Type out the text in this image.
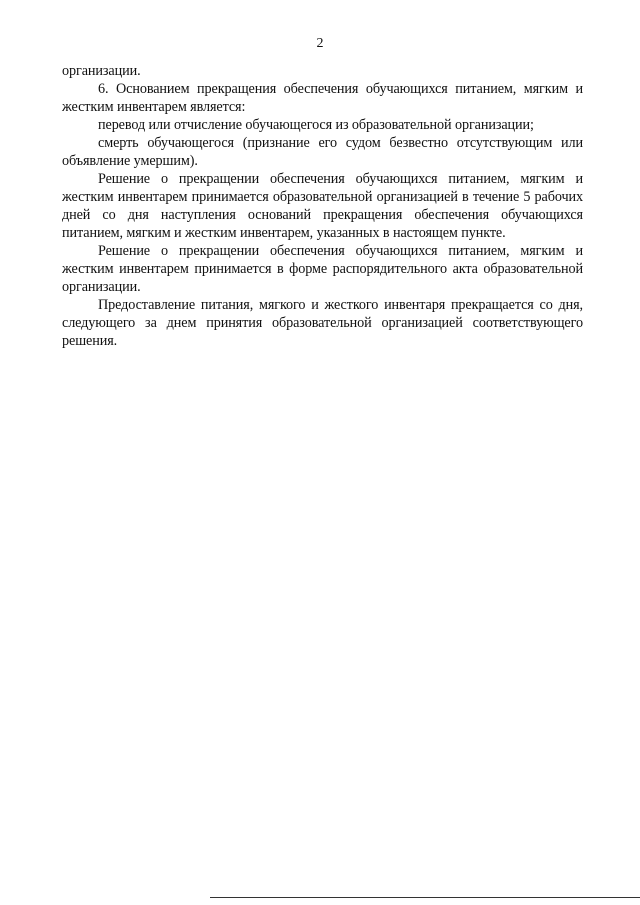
2

организации.

6. Основанием прекращения обеспечения обучающихся питанием, мягким и жестким инвентарем является:

перевод или отчисление обучающегося из образовательной организации;

смерть обучающегося (признание его судом безвестно отсутствующим или объявление умершим).

Решение о прекращении обеспечения обучающихся питанием, мягким и жестким инвентарем принимается образовательной организацией в течение 5 рабочих дней со дня наступления оснований прекращения обеспечения обучающихся питанием, мягким и жестким инвентарем, указанных в настоящем пункте.

Решение о прекращении обеспечения обучающихся питанием, мягким и жестким инвентарем принимается в форме распорядительного акта образовательной организации.

Предоставление питания, мягкого и жесткого инвентаря прекращается со дня, следующего за днем принятия образовательной организацией соответствующего решения.
